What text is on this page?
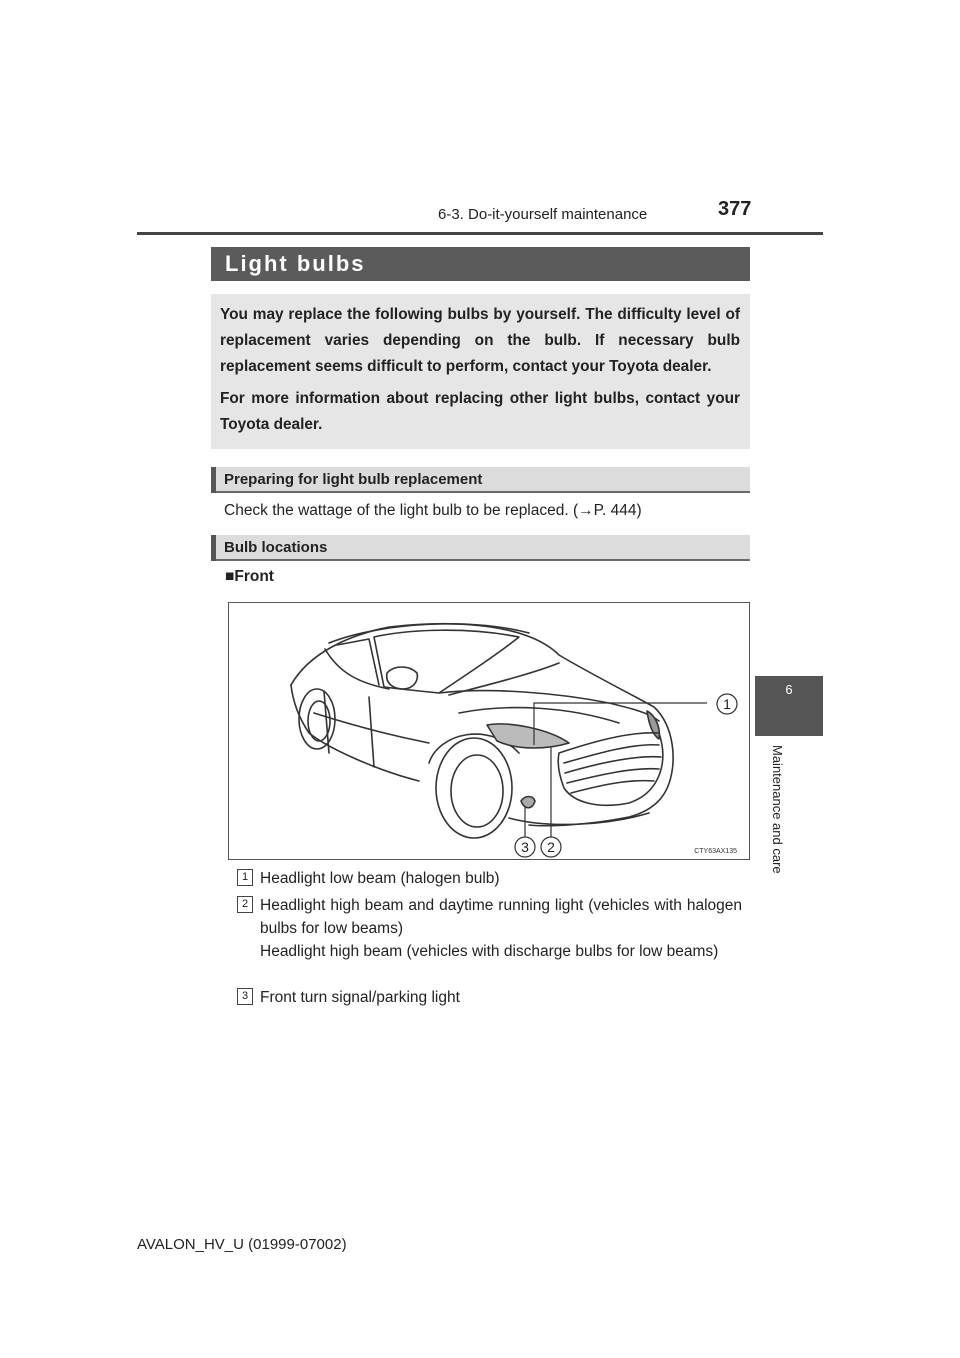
6-3. Do-it-yourself maintenance	377
6
Maintenance and care
Light bulbs

You may replace the following bulbs by yourself. The difficulty level of replacement varies depending on the bulb. If necessary bulb replacement seems difficult to perform, contact your Toyota dealer.

For more information about replacing other light bulbs, contact your Toyota dealer.

Preparing for light bulb replacement
Check the wattage of the light bulb to be replaced. (→P. 444)
Bulb locations
■Front
1
2
3	CTY63AX135
1 Headlight low beam (halogen bulb)
2 Headlight high beam and daytime running light (vehicles with halogen bulbs for low beams)
Headlight high beam (vehicles with discharge bulbs for low beams)
3 Front turn signal/parking light
AVALON_HV_U (01999-07002)
